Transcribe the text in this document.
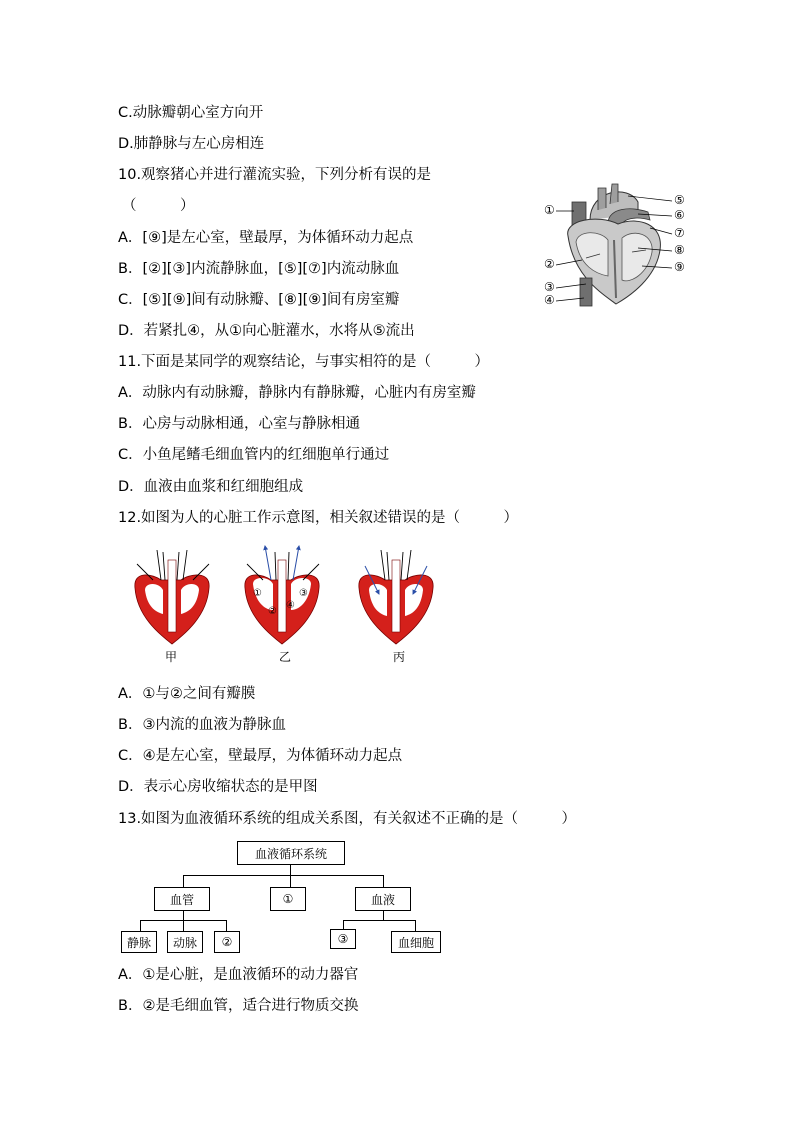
C.动脉瓣朝心室方向开
D.肺静脉与左心房相连
10.观察猪心并进行灌流实验，下列分析有误的是
（　　　）
A．[⑨]是左心室，壁最厚，为体循环动力起点
B．[②][③]内流静脉血，[⑤][⑦]内流动脉血
C．[⑤][⑨]间有动脉瓣、[⑧][⑨]间有房室瓣
D．若紧扎④，从①向心脏灌水，水将从⑤流出
11.下面是某同学的观察结论，与事实相符的是（　　　）
A．动脉内有动脉瓣，静脉内有静脉瓣，心脏内有房室瓣
B．心房与动脉相通，心室与静脉相通
C．小鱼尾鳍毛细血管内的红细胞单行通过
D．血液由血浆和红细胞组成
12.如图为人的心脏工作示意图，相关叙述错误的是（　　　）
A．①与②之间有瓣膜
B．③内流的血液为静脉血
C．④是左心室，壁最厚，为体循环动力起点
D．表示心房收缩状态的是甲图
13.如图为血液循环系统的组成关系图，有关叙述不正确的是（　　　）
A．①是心脏，是血液循环的动力器官
B．②是毛细血管，适合进行物质交换
①
②
③
④
⑤
⑥
⑦
⑧
⑨
①
②
③
④
甲	乙	丙
血液循环系统
血管	①	血液
静脉	动脉	②	③	血细胞
